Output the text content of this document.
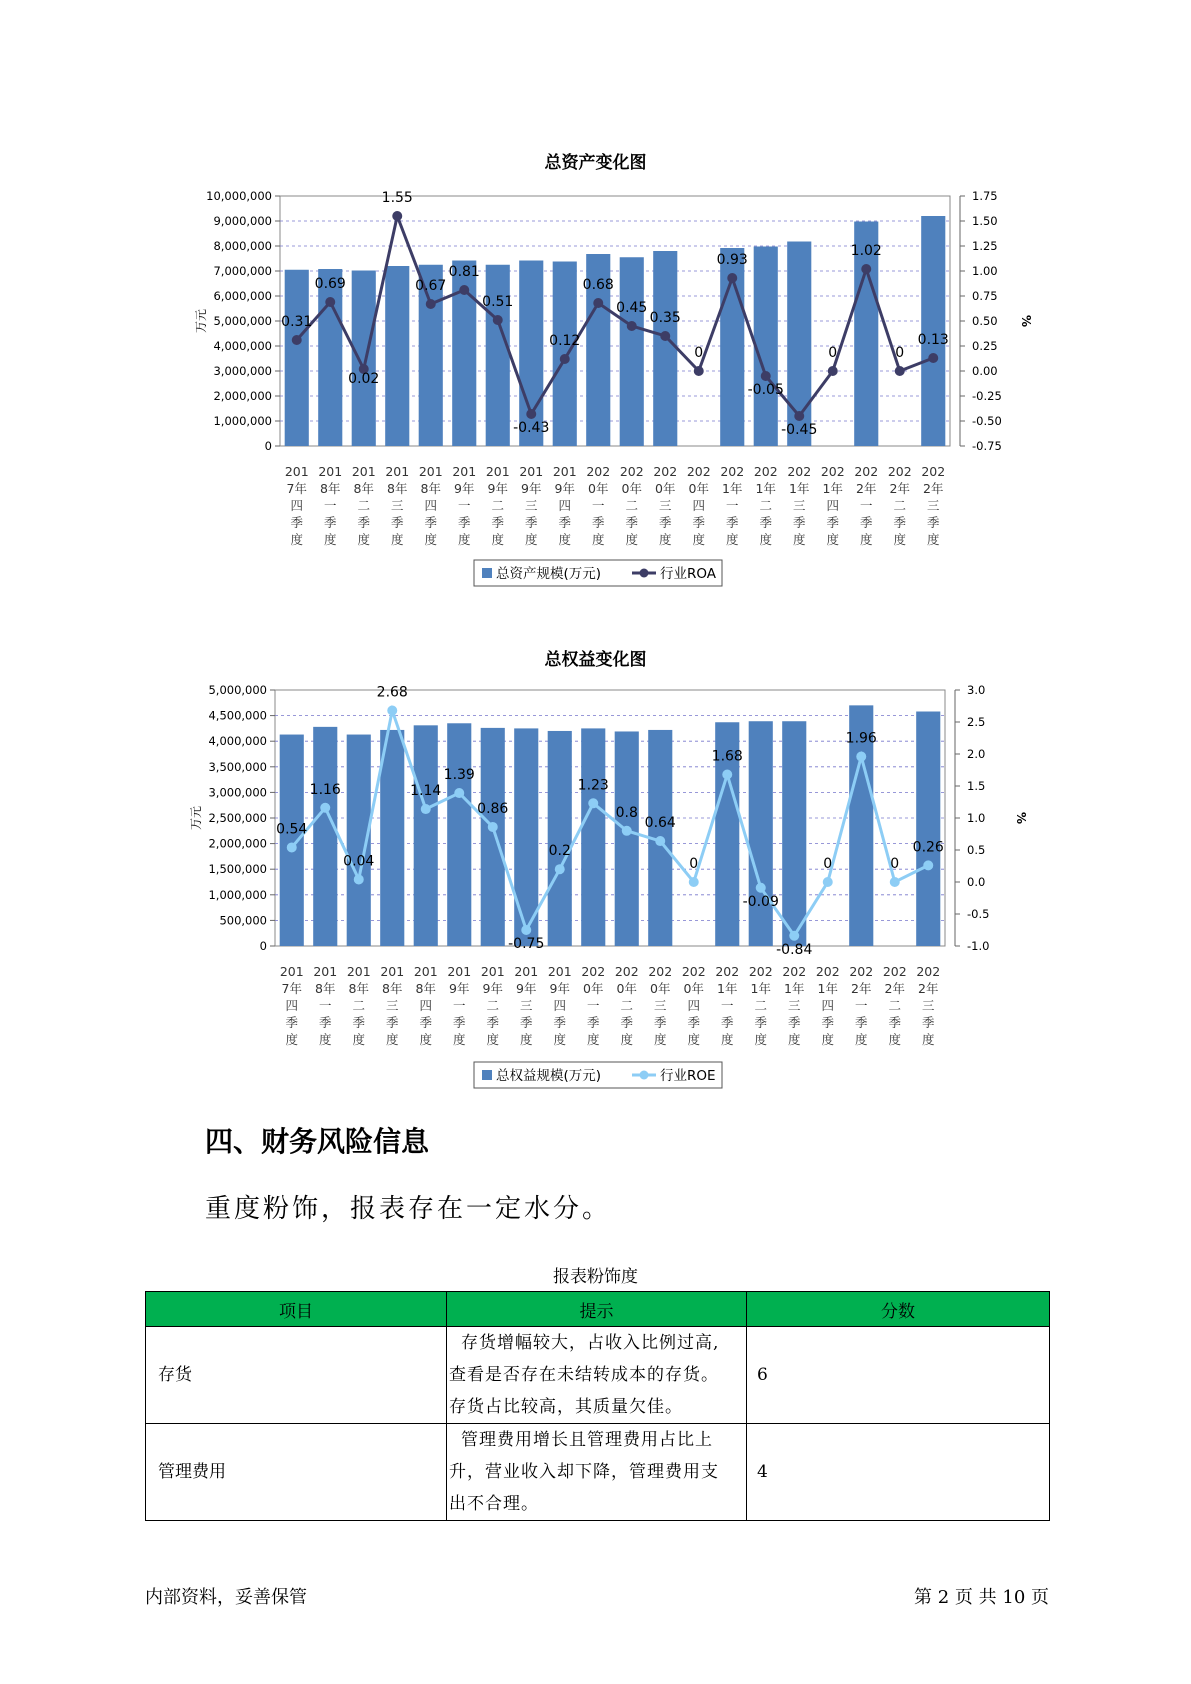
总资产变化图
10,000,000
9,000,000
8,000,000
7,000,000
6,000,000
5,000,000
4,000,000
3,000,000
2,000,000
1,000,000
0
1.75
1.50
1.25
1.00
0.75
0.50
0.25
0.00
-0.25
-0.50
-0.75
万元	%
201
7年
四
季
度
201
8年
一
季
度
201
8年
二
季
度
201
8年
三
季
度
201
8年
四
季
度
201
9年
一
季
度
201
9年
二
季
度
201
9年
三
季
度
201
9年
四
季
度
202
0年
一
季
度
202
0年
二
季
度
202
0年
三
季
度
202
0年
四
季
度
202
1年
一
季
度
202
1年
二
季
度
202
1年
三
季
度
202
1年
四
季
度
202
2年
一
季
度
202
2年
二
季
度
202
2年
三
季
度
0.31
0.69
0.02
1.55
0.67
0.81
0.51
-0.43
0.12
0.68
0.45
0.35
0
0.93
-0.05
-0.45
0
1.02
0
0.13
总资产规模(万元)	行业ROA
总权益变化图
5,000,000
4,500,000
4,000,000
3,500,000
3,000,000
2,500,000
2,000,000
1,500,000
1,000,000
500,000
0
3.0
2.5
2.0
1.5
1.0
0.5
0.0
-0.5
-1.0
万元	%
201
7年
四
季
度
201
8年
一
季
度
201
8年
二
季
度
201
8年
三
季
度
201
8年
四
季
度
201
9年
一
季
度
201
9年
二
季
度
201
9年
三
季
度
201
9年
四
季
度
202
0年
一
季
度
202
0年
二
季
度
202
0年
三
季
度
202
0年
四
季
度
202
1年
一
季
度
202
1年
二
季
度
202
1年
三
季
度
202
1年
四
季
度
202
2年
一
季
度
202
2年
二
季
度
202
2年
三
季
度
0.54
1.16
0.04
2.68
1.14
1.39
0.86
-0.75
0.2
1.23
0.8
0.64
0
1.68
-0.09
-0.84
0
1.96
0
0.26
总权益规模(万元)	行业ROE
四、财务风险信息
重度粉饰，报表存在一定水分。
报表粉饰度
项目	提示	分数
存货	存货增幅较大，占收入比例过高,
查看是否存在未结转成本的存货。
存货占比较高，其质量欠佳。	6
管理费用	管理费用增长且管理费用占比上
升，营业收入却下降，管理费用支
出不合理。	4
内部资料，妥善保管	第 2 页 共 10 页
